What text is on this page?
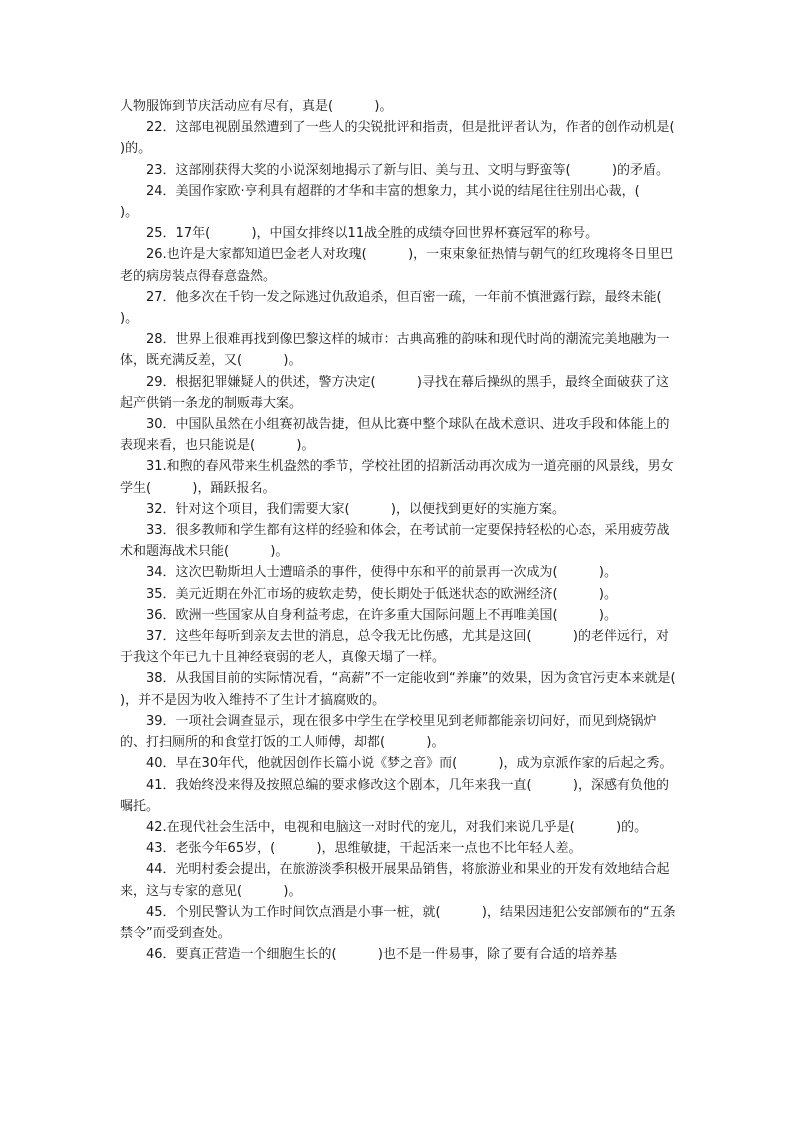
人物服饰到节庆活动应有尽有，真是(          )。

22．这部电视剧虽然遭到了一些人的尖锐批评和指责，但是批评者认为，作者的创作动机是(          )的。

23．这部刚获得大奖的小说深刻地揭示了新与旧、美与丑、文明与野蛮等(          )的矛盾。

24．美国作家欧·亨利具有超群的才华和丰富的想象力，其小说的结尾往往别出心裁，(          )。

25．17年(          )，中国女排终以11战全胜的成绩夺回世界杯赛冠军的称号。

26.也许是大家都知道巴金老人对玫瑰(          )，一束束象征热情与朝气的红玫瑰将冬日里巴老的病房装点得春意盎然。

27．他多次在千钧一发之际逃过仇敌追杀，但百密一疏，一年前不慎泄露行踪，最终未能(          )。

28．世界上很难再找到像巴黎这样的城市：古典高雅的韵味和现代时尚的潮流完美地融为一体，既充满反差，又(          )。

29．根据犯罪嫌疑人的供述，警方决定(          )寻找在幕后操纵的黑手，最终全面破获了这起产供销一条龙的制贩毒大案。

30．中国队虽然在小组赛初战告捷，但从比赛中整个球队在战术意识、进攻手段和体能上的表现来看，也只能说是(          )。

31.和煦的春风带来生机盎然的季节，学校社团的招新活动再次成为一道亮丽的风景线，男女学生(          )，踊跃报名。

32．针对这个项目，我们需要大家(          )，以便找到更好的实施方案。

33．很多教师和学生都有这样的经验和体会，在考试前一定要保持轻松的心态，采用疲劳战术和题海战术只能(          )。

34．这次巴勒斯坦人士遭暗杀的事件，使得中东和平的前景再一次成为(          )。

35．美元近期在外汇市场的疲软走势，使长期处于低迷状态的欧洲经济(          )。

36．欧洲一些国家从自身利益考虑，在许多重大国际问题上不再唯美国(          )。

37．这些年每听到亲友去世的消息，总令我无比伤感，尤其是这回(          )的老伴远行，对于我这个年已九十且神经衰弱的老人，真像天塌了一样。

38．从我国目前的实际情况看，“高薪”不一定能收到“养廉”的效果，因为贪官污吏本来就是(          )，并不是因为收入维持不了生计才搞腐败的。

39．一项社会调查显示，现在很多中学生在学校里见到老师都能亲切问好，而见到烧锅炉的、打扫厕所的和食堂打饭的工人师傅，却都(          )。

40．早在30年代，他就因创作长篇小说《梦之音》而(          )，成为京派作家的后起之秀。

41．我始终没来得及按照总编的要求修改这个剧本，几年来我一直(          )，深感有负他的嘱托。

42.在现代社会生活中，电视和电脑这一对时代的宠儿，对我们来说几乎是(          )的。

43．老张今年65岁，(          )，思维敏捷，干起活来一点也不比年轻人差。

44．光明村委会提出，在旅游淡季积极开展果品销售，将旅游业和果业的开发有效地结合起来，这与专家的意见(          )。

45．个别民警认为工作时间饮点酒是小事一桩，就(          )，结果因违犯公安部颁布的“五条禁令”而受到查处。

46．要真正营造一个细胞生长的(          )也不是一件易事，除了要有合适的培养基
